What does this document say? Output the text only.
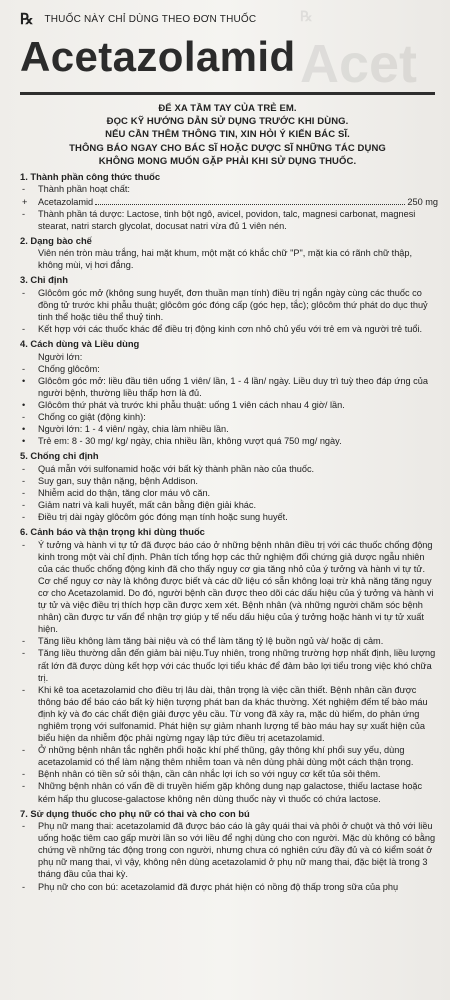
℞
Acet
℞ THUỐC NÀY CHỈ DÙNG THEO ĐƠN THUỐC
Acetazolamid
ĐỂ XA TẦM TAY CỦA TRẺ EM.
ĐỌC KỸ HƯỚNG DẪN SỬ DỤNG TRƯỚC KHI DÙNG.
NẾU CẦN THÊM THÔNG TIN, XIN HỎI Ý KIẾN BÁC SĨ.
THÔNG BÁO NGAY CHO BÁC SĨ HOẶC DƯỢC SĨ NHỮNG TÁC DỤNG
KHÔNG MONG MUỐN GẶP PHẢI KHI SỬ DỤNG THUỐC.
1. Thành phần công thức thuốc
-	Thành phần hoạt chất:
+	Acetazolamid	250 mg
-	Thành phần tá dược: Lactose, tinh bột ngô, avicel, povidon, talc, magnesi carbonat, magnesi stearat, natri starch glycolat, docusat natri vừa đủ 1 viên nén.
2. Dạng bào chế
Viên nén tròn màu trắng, hai mặt khum, một mặt có khắc chữ "P", mặt kia có rãnh chữ thập, không mùi, vị hơi đắng.
3. Chỉ định
-	Glôcôm góc mở (không sung huyết, đơn thuần mạn tính) điều trị ngắn ngày cùng các thuốc co đồng tử trước khi phẫu thuật; glôcôm góc đóng cấp (góc hẹp, tắc); glôcôm thứ phát do dục thuỷ tinh thể hoặc tiêu thể thuỷ tinh.
-	Kết hợp với các thuốc khác để điều trị động kinh cơn nhỏ chủ yếu với trẻ em và người trẻ tuổi.
4. Cách dùng và Liều dùng
Người lớn:
-	Chống glôcôm:
•	Glôcôm góc mở: liều đầu tiên uống 1 viên/ lần, 1 - 4 lần/ ngày. Liều duy trì tuỳ theo đáp ứng của người bệnh, thường liều thấp hơn là đủ.
•	Glôcôm thứ phát và trước khi phẫu thuật: uống 1 viên cách nhau 4 giờ/ lần.
-	Chống co giật (động kinh):
•	Người lớn: 1 - 4 viên/ ngày, chia làm nhiều lần.
•	Trẻ em: 8 - 30 mg/ kg/ ngày, chia nhiều lần, không vượt quá 750 mg/ ngày.
5. Chống chỉ định
-	Quá mẫn với sulfonamid hoặc với bất kỳ thành phần nào của thuốc.
-	Suy gan, suy thận nặng, bệnh Addison.
-	Nhiễm acid do thận, tăng clor máu vô căn.
-	Giảm natri và kali huyết, mất cân bằng điện giải khác.
-	Điều trị dài ngày glôcôm góc đóng mạn tính hoặc sung huyết.
6. Cảnh báo và thận trọng khi dùng thuốc
-	Ý tưởng và hành vi tự tử đã được báo cáo ở những bệnh nhân điều trị với các thuốc chống động kinh trong một vài chỉ định. Phân tích tổng hợp các thử nghiệm đối chứng giả dược ngẫu nhiên của các thuốc chống động kinh đã cho thấy nguy cơ gia tăng nhỏ của ý tưởng và hành vi tự tử. Cơ chế nguy cơ này là không được biết và các dữ liệu có sẵn không loại trừ khả năng tăng nguy cơ cho Acetazolamid. Do đó, người bệnh cần được theo dõi các dấu hiệu của ý tưởng và hành vi tự tử và việc điều trị thích hợp cần được xem xét. Bệnh nhân (và những người chăm sóc bệnh nhân) cần được tư vấn để nhận trợ giúp y tế nếu dấu hiệu của ý tưởng hoặc hành vi tự tử xuất hiện.
-	Tăng liều không làm tăng bài niệu và có thể làm tăng tỷ lệ buồn ngủ và/ hoặc dị cảm.
-	Tăng liều thường dẫn đến giảm bài niệu.Tuy nhiên, trong những trường hợp nhất định, liều lượng rất lớn đã được dùng kết hợp với các thuốc lợi tiểu khác để đảm bảo lợi tiểu trong việc khó chữa trị.
-	Khi kê toa acetazolamid cho điều trị lâu dài, thận trọng là việc cần thiết. Bệnh nhân cần được thông báo để báo cáo bất kỳ hiện tượng phát ban da khác thường. Xét nghiệm đếm tế bào máu định kỳ và đo các chất điện giải được yêu cầu. Từ vong đã xảy ra, mặc dù hiếm, do phản ứng nghiêm trọng với sulfonamid. Phát hiện sự giảm nhanh lượng tế bào máu hay sự xuất hiện của biểu hiện da nhiễm độc phải ngừng ngay lập tức điều trị acetazolamid.
-	Ở những bệnh nhân tắc nghẽn phổi hoặc khí phế thũng, gây thông khí phổi suy yếu, dùng acetazolamid có thể làm nặng thêm nhiễm toan và nên dùng phải dùng một cách thận trọng.
-	Bệnh nhân có tiền sử sỏi thận, cần cân nhắc lợi ích so với nguy cơ kết tủa sỏi thêm.
-	Những bệnh nhân có vấn đề di truyền hiếm gặp không dung nạp galactose, thiếu lactase hoặc kém hấp thu glucose-galactose không nên dùng thuốc này vì thuốc có chứa lactose.
7. Sử dụng thuốc cho phụ nữ có thai và cho con bú
-	Phụ nữ mang thai: acetazolamid đã được báo cáo là gây quái thai và phôi ở chuột và thỏ với liều uống hoặc tiêm cao gấp mười lần so với liều để nghị dùng cho con người. Mặc dù không có bằng chứng về những tác động trong con người, nhưng chưa có nghiên cứu đầy đủ và có kiểm soát ở phụ nữ mang thai, vì vậy, không nên dùng acetazolamid ở phụ nữ mang thai, đặc biệt là trong 3 tháng đầu của thai kỳ.
-	Phụ nữ cho con bú: acetazolamid đã được phát hiện có nồng độ thấp trong sữa của phụ
